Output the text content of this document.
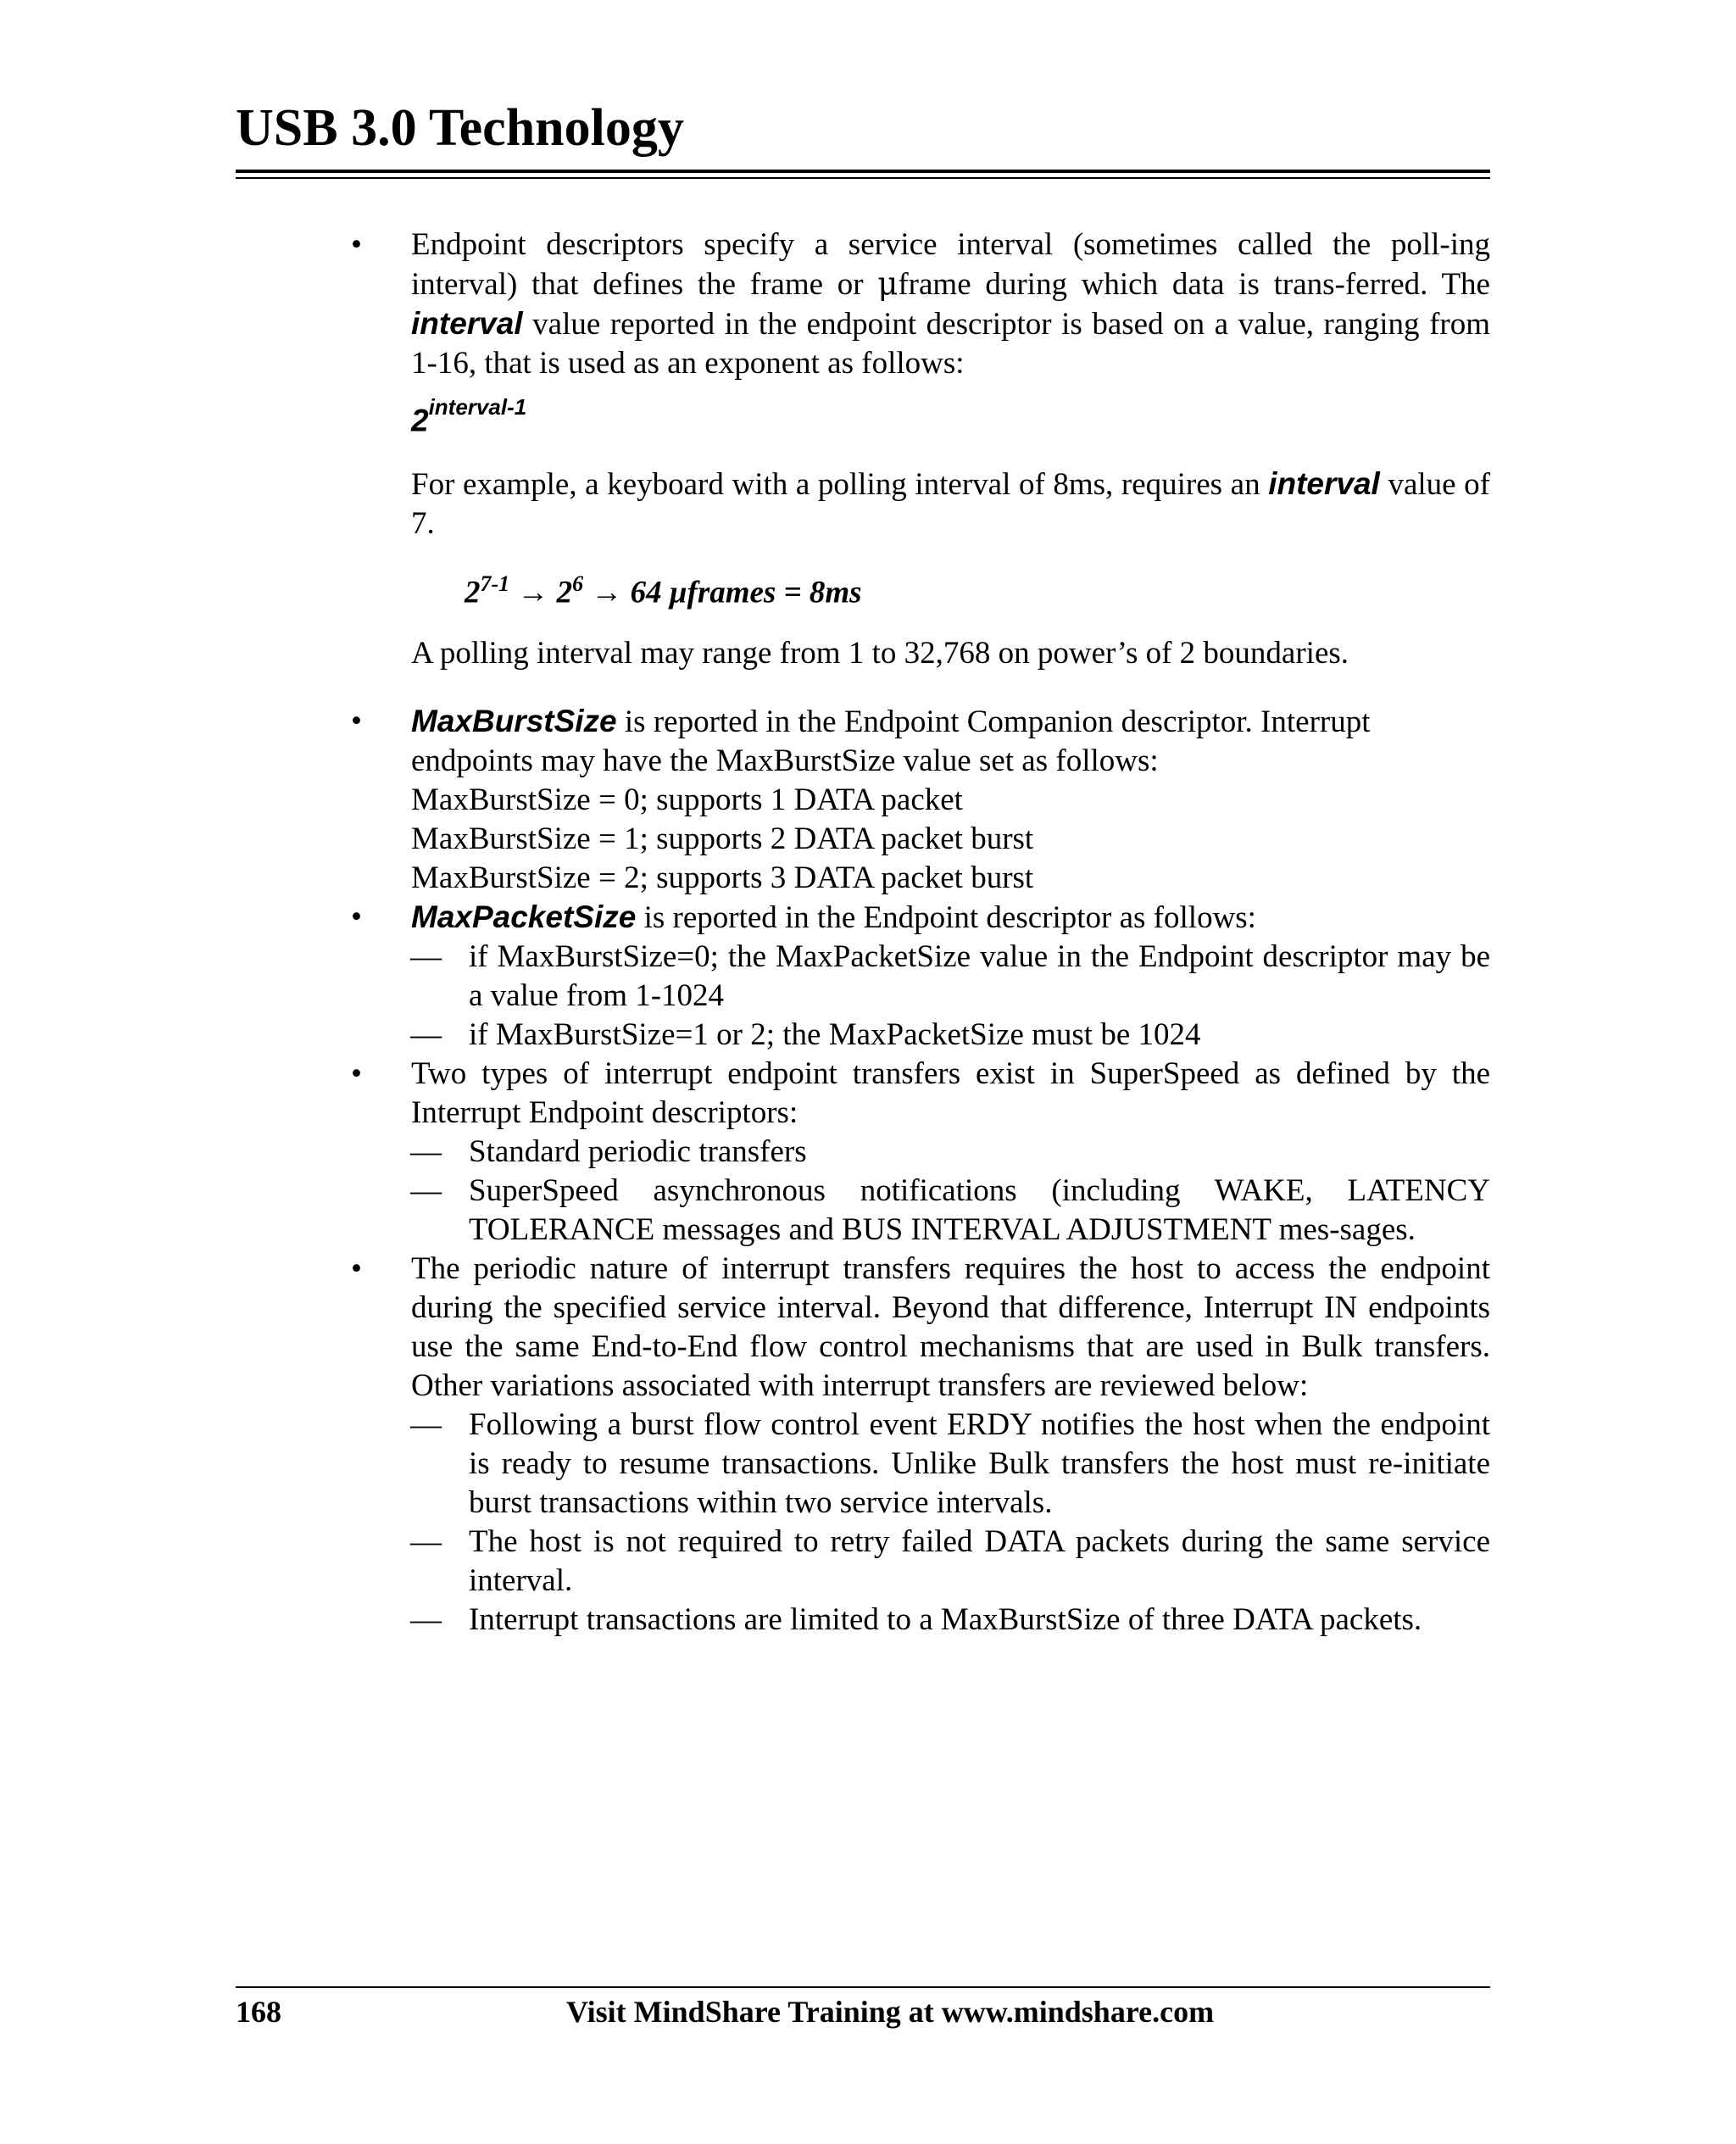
USB 3.0 Technology
• Endpoint descriptors specify a service interval (sometimes called the poll-ing interval) that defines the frame or μframe during which data is trans-ferred. The interval value reported in the endpoint descriptor is based on a value, ranging from 1-16, that is used as an exponent as follows:
$2^{interval-1}$
For example, a keyboard with a polling interval of 8ms, requires an interval value of 7.
$2^{7-1} \to 2^6 \to 64$ μframes = 8ms
A polling interval may range from 1 to 32,768 on power’s of 2 boundaries.
• MaxBurstSize is reported in the Endpoint Companion descriptor. Interrupt endpoints may have the MaxBurstSize value set as follows:
MaxBurstSize = 0; supports 1 DATA packet
MaxBurstSize = 1; supports 2 DATA packet burst
MaxBurstSize = 2; supports 3 DATA packet burst
• MaxPacketSize is reported in the Endpoint descriptor as follows:
— if MaxBurstSize=0; the MaxPacketSize value in the Endpoint descriptor may be a value from 1-1024
— if MaxBurstSize=1 or 2; the MaxPacketSize must be 1024
• Two types of interrupt endpoint transfers exist in SuperSpeed as defined by the Interrupt Endpoint descriptors:
— Standard periodic transfers
— SuperSpeed asynchronous notifications (including WAKE, LATENCY TOLERANCE messages and BUS INTERVAL ADJUSTMENT mes-sages.
• The periodic nature of interrupt transfers requires the host to access the endpoint during the specified service interval. Beyond that difference, Interrupt IN endpoints use the same End-to-End flow control mechanisms that are used in Bulk transfers. Other variations associated with interrupt transfers are reviewed below:
— Following a burst flow control event ERDY notifies the host when the endpoint is ready to resume transactions. Unlike Bulk transfers the host must re-initiate burst transactions within two service intervals.
— The host is not required to retry failed DATA packets during the same service interval.
— Interrupt transactions are limited to a MaxBurstSize of three DATA packets.
168	Visit MindShare Training at www.mindshare.com
